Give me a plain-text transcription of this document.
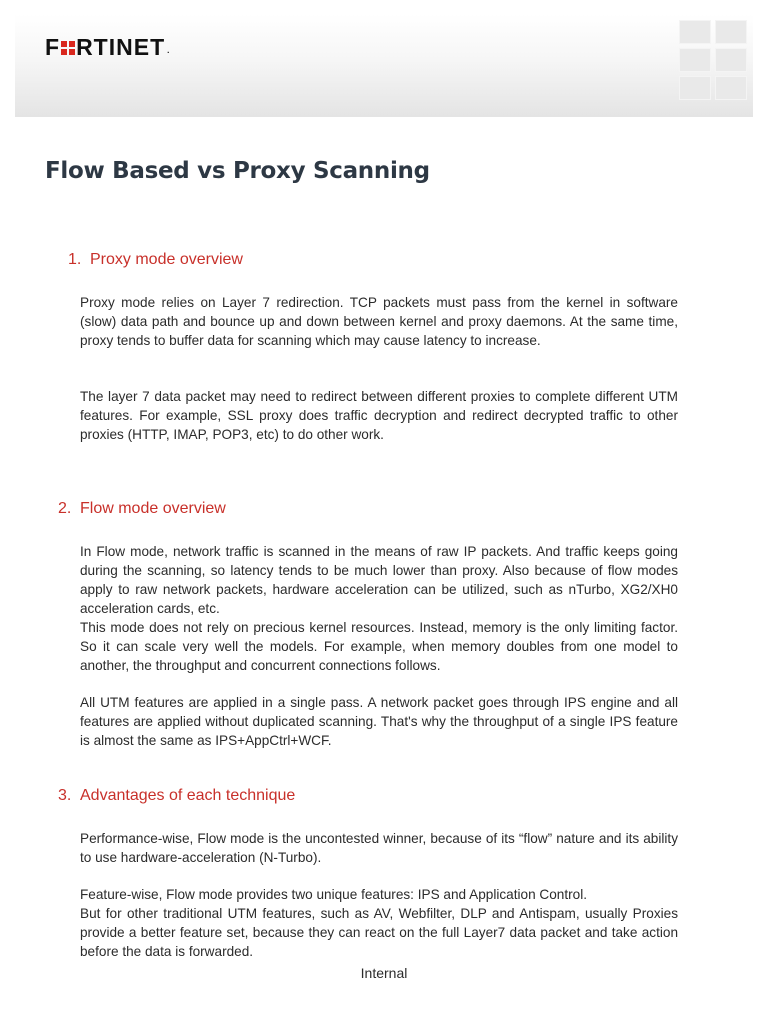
F RTINET .
Flow Based vs Proxy Scanning
1. Proxy mode overview

Proxy mode relies on Layer 7 redirection. TCP packets must pass from the kernel in software (slow) data path and bounce up and down between kernel and proxy daemons. At the same time, proxy tends to buffer data for scanning which may cause latency to increase.

The layer 7 data packet may need to redirect between different proxies to complete different UTM features. For example, SSL proxy does traffic decryption and redirect decrypted traffic to other proxies (HTTP, IMAP, POP3, etc) to do other work.

2. Flow mode overview

In Flow mode, network traffic is scanned in the means of raw IP packets. And traffic keeps going during the scanning, so latency tends to be much lower than proxy. Also because of flow modes apply to raw network packets, hardware acceleration can be utilized, such as nTurbo, XG2/XH0 acceleration cards, etc.

This mode does not rely on precious kernel resources. Instead, memory is the only limiting factor. So it can scale very well the models. For example, when memory doubles from one model to another, the throughput and concurrent connections follows.

All UTM features are applied in a single pass. A network packet goes through IPS engine and all features are applied without duplicated scanning. That's why the throughput of a single IPS feature is almost the same as IPS+AppCtrl+WCF.

3. Advantages of each technique

Performance-wise, Flow mode is the uncontested winner, because of its “flow” nature and its ability to use hardware-acceleration (N-Turbo).

Feature-wise, Flow mode provides two unique features: IPS and Application Control.

But for other traditional UTM features, such as AV, Webfilter, DLP and Antispam, usually Proxies provide a better feature set, because they can react on the full Layer7 data packet and take action before the data is forwarded.

Internal
